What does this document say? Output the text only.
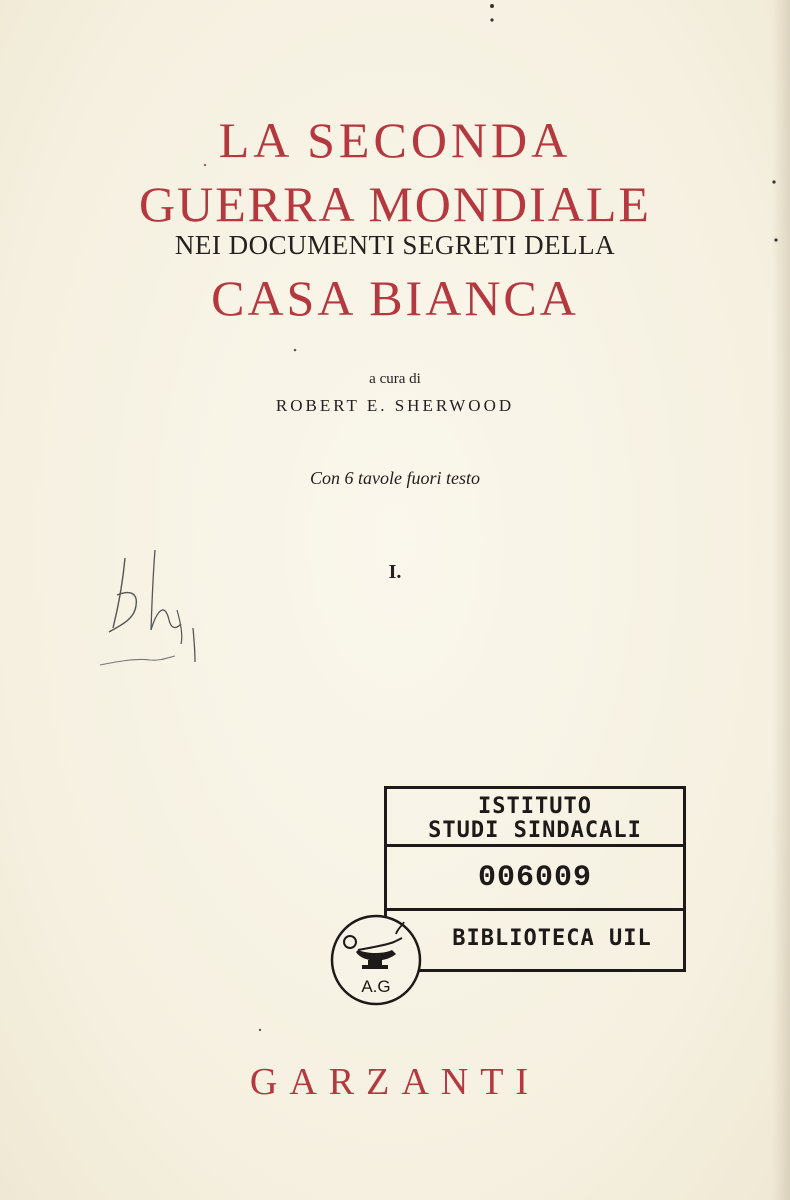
LA SECONDA

GUERRA MONDIALE

NEI DOCUMENTI SEGRETI DELLA

CASA BIANCA

a cura di

ROBERT E. SHERWOOD

Con 6 tavole fuori testo

I.

ISTITUTO
STUDI SINDACALI
006009
BIBLIOTECA UIL
A.G

GARZANTI
